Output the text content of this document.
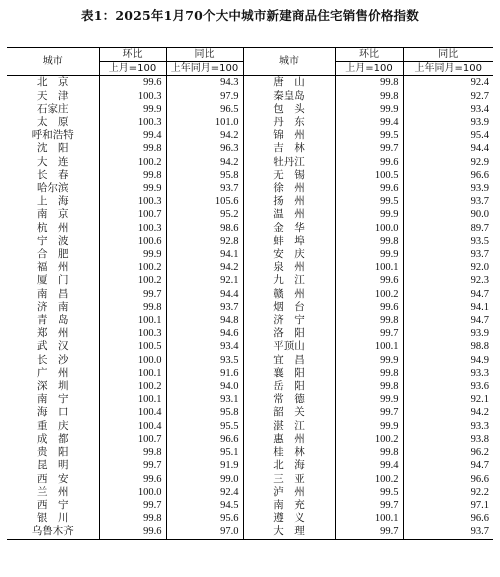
表1：2025年1月70个大中城市新建商品住宅销售价格指数
城市	环比	同比	城市	环比	同比
	上月=100	上年同月=100		上月=100	上年同月=100
北　京	99.6	94.3	唐　山	99.8	92.4
天　津	100.3	97.9	秦皇岛	99.8	92.7
石家庄	99.9	96.5	包　头	99.9	93.4
太　原	100.3	101.0	丹　东	99.4	93.9
呼和浩特	99.4	94.2	锦　州	99.5	95.4
沈　阳	99.8	96.3	吉　林	99.7	94.4
大　连	100.2	94.2	牡丹江	99.6	92.9
长　春	99.8	95.8	无　锡	100.5	96.6
哈尔滨	99.9	93.7	徐　州	99.6	93.9
上　海	100.3	105.6	扬　州	99.5	93.7
南　京	100.7	95.2	温　州	99.9	90.0
杭　州	100.3	98.6	金　华	100.0	89.7
宁　波	100.6	92.8	蚌　埠	99.8	93.5
合　肥	99.9	94.1	安　庆	99.9	93.7
福　州	100.2	94.2	泉　州	100.1	92.0
厦　门	100.2	92.1	九　江	99.6	92.3
南　昌	99.7	94.4	赣　州	100.2	94.7
济　南	99.8	93.7	烟　台	99.6	94.1
青　岛	100.1	94.8	济　宁	99.8	94.7
郑　州	100.3	94.6	洛　阳	99.7	93.9
武　汉	100.5	93.4	平顶山	100.1	98.8
长　沙	100.0	93.5	宜　昌	99.9	94.9
广　州	100.1	91.6	襄　阳	99.8	93.3
深　圳	100.2	94.0	岳　阳	99.8	93.6
南　宁	100.1	93.1	常　德	99.9	92.1
海　口	100.4	95.8	韶　关	99.7	94.2
重　庆	100.4	95.5	湛　江	99.9	93.3
成　都	100.7	96.6	惠　州	100.2	93.8
贵　阳	99.8	95.1	桂　林	99.8	96.2
昆　明	99.7	91.9	北　海	99.4	94.7
西　安	99.6	99.0	三　亚	100.2	96.6
兰　州	100.0	92.4	泸　州	99.5	92.2
西　宁	99.7	94.5	南　充	99.7	97.1
银　川	99.8	95.6	遵　义	100.1	96.6
乌鲁木齐	99.6	97.0	大　理	99.7	93.7
